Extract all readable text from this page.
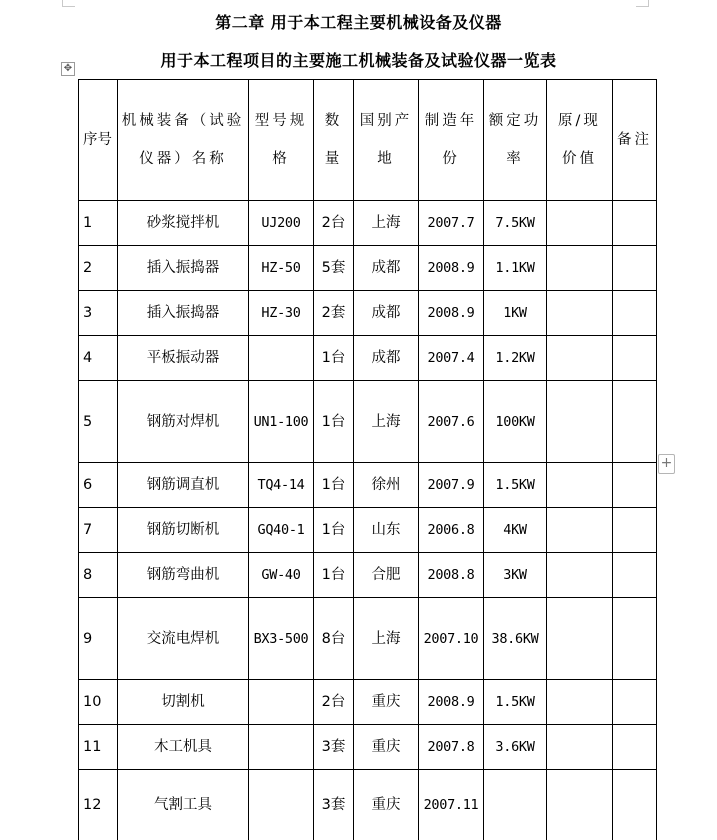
第二章 用于本工程主要机械设备及仪器
用于本工程项目的主要施工机械装备及试验仪器一览表
✥
+
序号	机械装备（试验仪器）名称	型号规格	数量	国别产地	制造年份	额定功率	原/现价值	备注
1	砂浆搅拌机	UJ200	2台	上海	2007.7	7.5KW		
2	插入振捣器	HZ-50	5套	成都	2008.9	1.1KW		
3	插入振捣器	HZ-30	2套	成都	2008.9	1KW		
4	平板振动器		1台	成都	2007.4	1.2KW		
5	钢筋对焊机	UN1-100	1台	上海	2007.6	100KW		
6	钢筋调直机	TQ4-14	1台	徐州	2007.9	1.5KW		
7	钢筋切断机	GQ40-1	1台	山东	2006.8	4KW		
8	钢筋弯曲机	GW-40	1台	合肥	2008.8	3KW		
9	交流电焊机	BX3-500	8台	上海	2007.10	38.6KW		
10	切割机		2台	重庆	2008.9	1.5KW		
11	木工机具		3套	重庆	2007.8	3.6KW		
12	气割工具		3套	重庆	2007.11			
